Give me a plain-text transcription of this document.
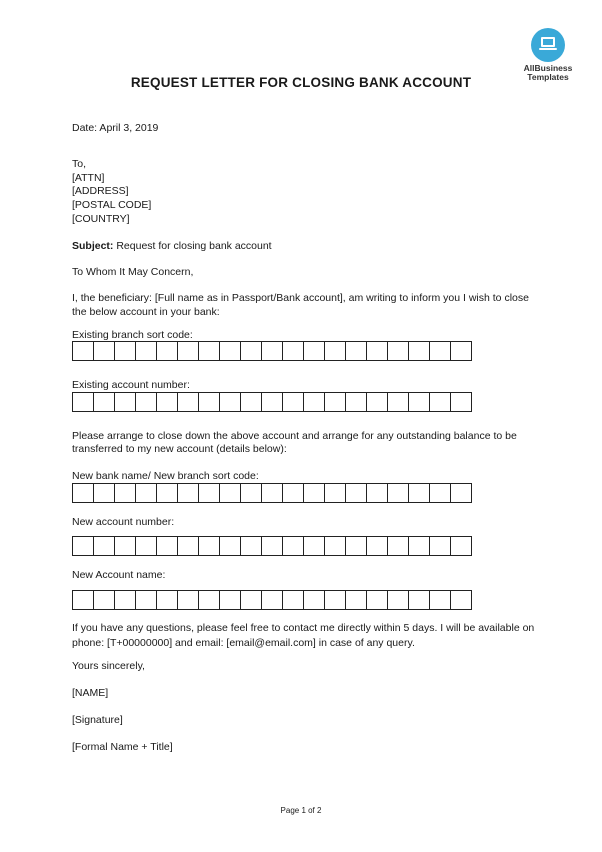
AllBusiness
Templates
REQUEST LETTER FOR CLOSING BANK ACCOUNT
Date: April 3, 2019
To,
[ATTN]
[ADDRESS]
[POSTAL CODE]
[COUNTRY]
Subject: Request for closing bank account
To Whom It May Concern,
I, the beneficiary: [Full name as in Passport/Bank account], am writing to inform you I wish to close
the below account in your bank:
Existing branch sort code:
Existing account number:
Please arrange to close down the above account and arrange for any outstanding balance to be
transferred to my new account (details below):
New bank name/ New branch sort code:
New account number:
New Account name:
If you have any questions, please feel free to contact me directly within 5 days. I will be available on
phone: [T+00000000] and email: [email@email.com] in case of any query.
Yours sincerely,
[NAME]
[Signature]
[Formal Name + Title]
Page 1 of 2
